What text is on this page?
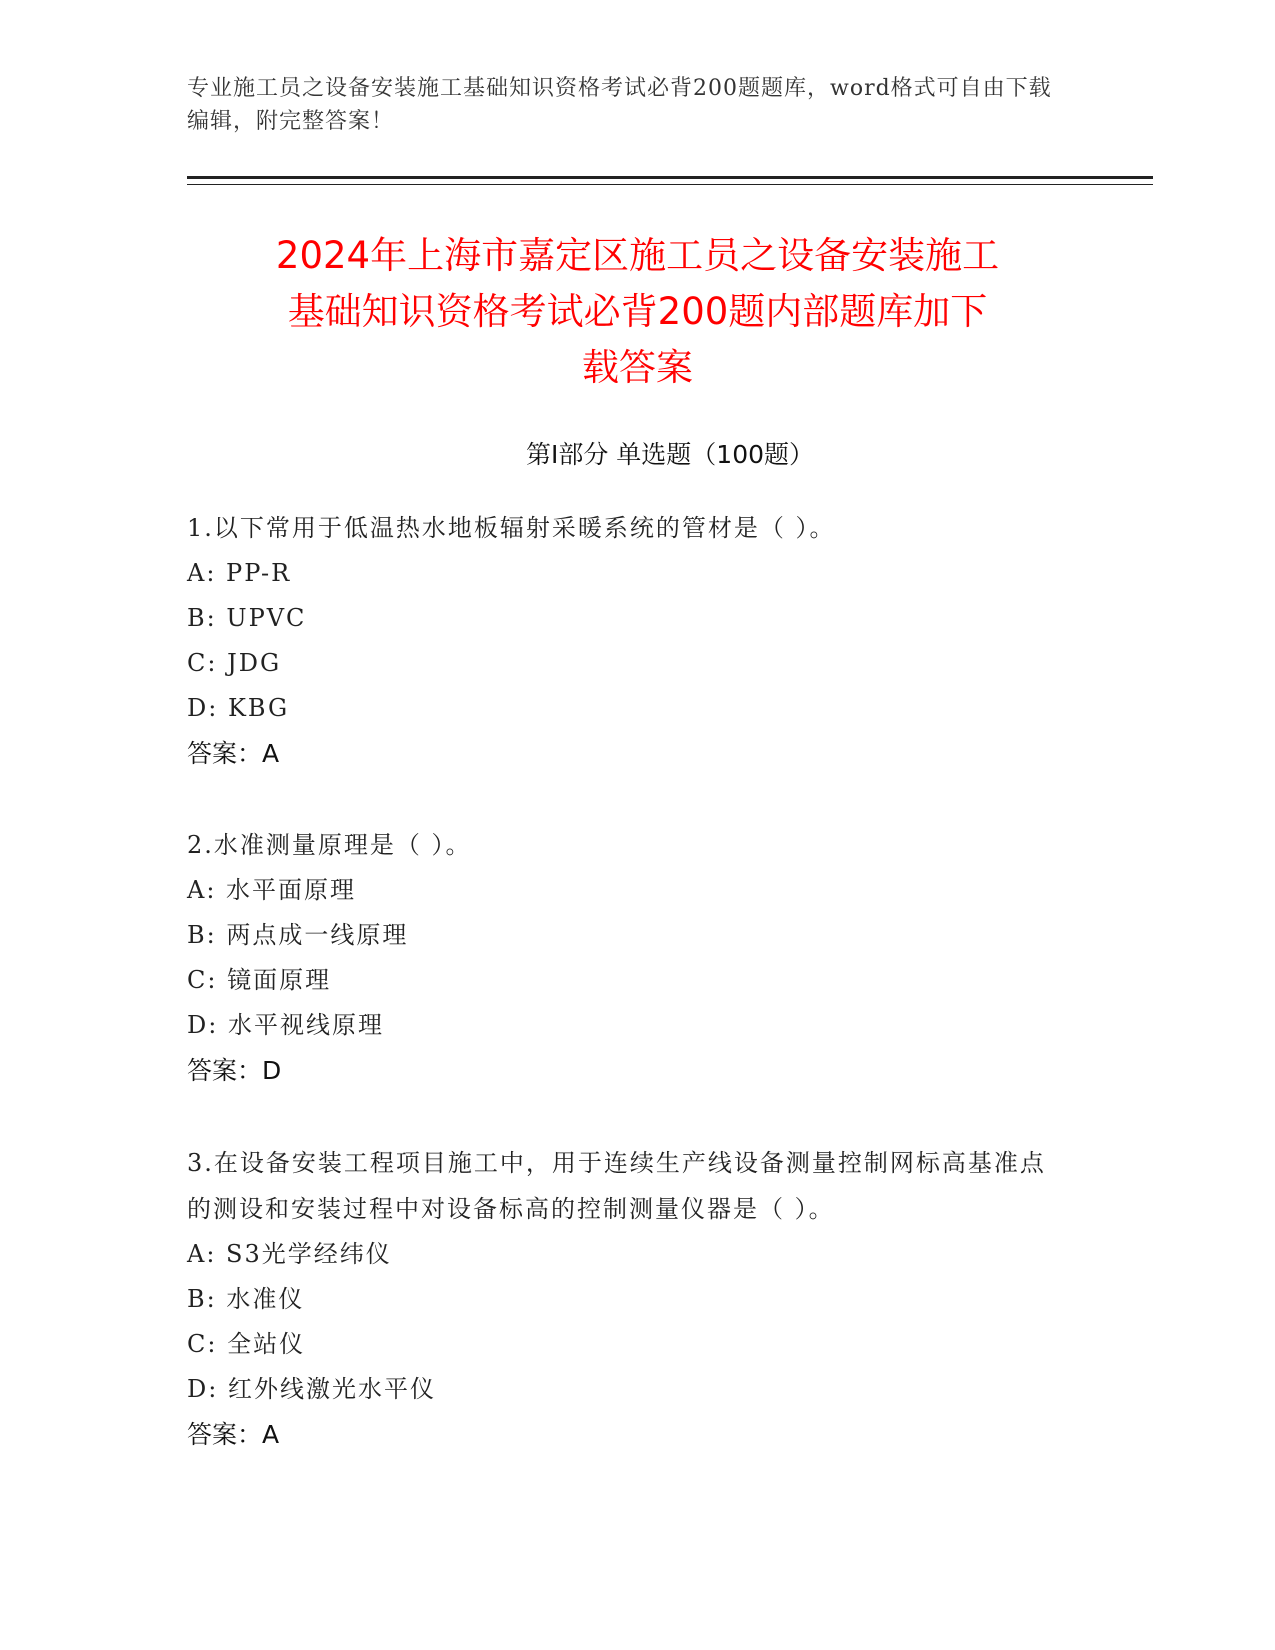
专业施工员之设备安装施工基础知识资格考试必背200题题库，word格式可自由下载编辑，附完整答案！
2024年上海市嘉定区施工员之设备安装施工
基础知识资格考试必背200题内部题库加下
载答案
第Ⅰ部分 单选题（100题）
1.以下常用于低温热水地板辐射采暖系统的管材是（ ）。
A: PP-R
B: UPVC
C: JDG
D: KBG
答案：A
2.水准测量原理是（ ）。
A: 水平面原理
B: 两点成一线原理
C: 镜面原理
D: 水平视线原理
答案：D
3.在设备安装工程项目施工中，用于连续生产线设备测量控制网标高基准点的测设和安装过程中对设备标高的控制测量仪器是（ ）。
A: S3光学经纬仪
B: 水准仪
C: 全站仪
D: 红外线激光水平仪
答案：A
